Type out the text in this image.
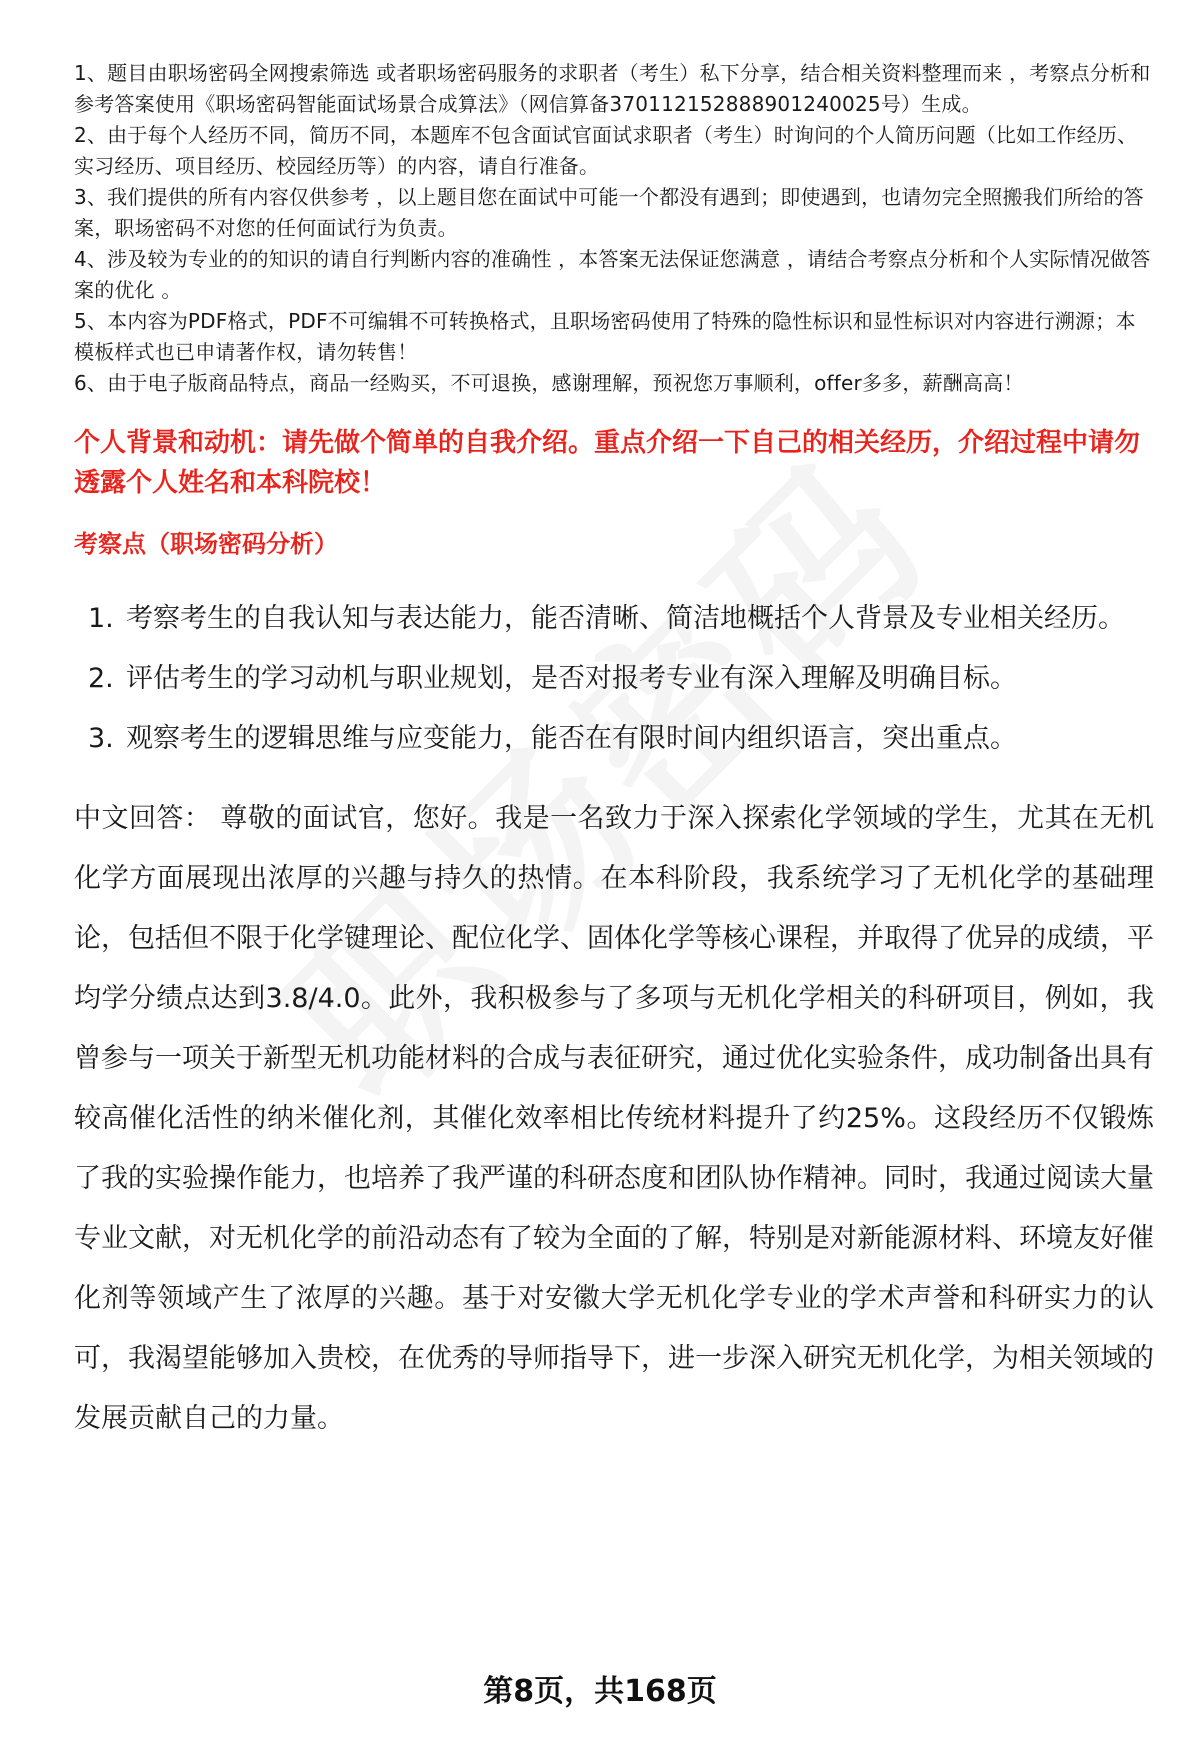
1、题目由职场密码全网搜索筛选 或者职场密码服务的求职者（考生）私下分享，结合相关资料整理而来 ，考察点分析和参考答案使用《职场密码智能面试场景合成算法》（网信算备370112152888901240025号）生成。
2、由于每个人经历不同，简历不同，本题库不包含面试官面试求职者（考生）时询问的个人简历问题（比如工作经历、实习经历、项目经历、校园经历等）的内容，请自行准备。
3、我们提供的所有内容仅供参考 ，以上题目您在面试中可能一个都没有遇到；即使遇到，也请勿完全照搬我们所给的答案，职场密码不对您的任何面试行为负责。
4、涉及较为专业的的知识的请自行判断内容的准确性 ，本答案无法保证您满意 ，请结合考察点分析和个人实际情况做答案的优化 。
5、本内容为PDF格式，PDF不可编辑不可转换格式，且职场密码使用了特殊的隐性标识和显性标识对内容进行溯源；本模板样式也已申请著作权，请勿转售！
6、由于电子版商品特点，商品一经购买，不可退换，感谢理解，预祝您万事顺利，offer多多，薪酬高高！
个人背景和动机：请先做个简单的自我介绍。重点介绍一下自己的相关经历，介绍过程中请勿透露个人姓名和本科院校！
考察点（职场密码分析）
1. 考察考生的自我认知与表达能力，能否清晰、简洁地概括个人背景及专业相关经历。
2. 评估考生的学习动机与职业规划，是否对报考专业有深入理解及明确目标。
3. 观察考生的逻辑思维与应变能力，能否在有限时间内组织语言，突出重点。

中文回答： 尊敬的面试官，您好。我是一名致力于深入探索化学领域的学生，尤其在无机化学方面展现出浓厚的兴趣与持久的热情。在本科阶段，我系统学习了无机化学的基础理论，包括但不限于化学键理论、配位化学、固体化学等核心课程，并取得了优异的成绩，平均学分绩点达到3.8/4.0。此外，我积极参与了多项与无机化学相关的科研项目，例如，我曾参与一项关于新型无机功能材料的合成与表征研究，通过优化实验条件，成功制备出具有较高催化活性的纳米催化剂，其催化效率相比传统材料提升了约25%。这段经历不仅锻炼了我的实验操作能力，也培养了我严谨的科研态度和团队协作精神。同时，我通过阅读大量专业文献，对无机化学的前沿动态有了较为全面的了解，特别是对新能源材料、环境友好催化剂等领域产生了浓厚的兴趣。基于对安徽大学无机化学专业的学术声誉和科研实力的认可，我渴望能够加入贵校，在优秀的导师指导下，进一步深入研究无机化学，为相关领域的发展贡献自己的力量。

第8页，共168页
